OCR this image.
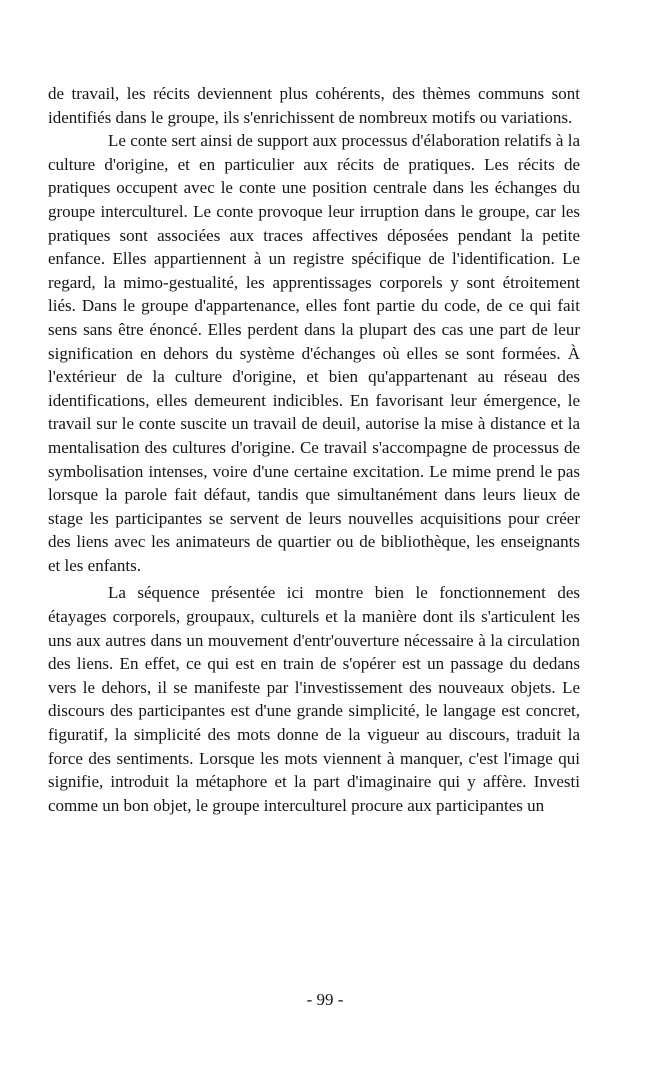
de travail, les récits deviennent plus cohérents, des thèmes communs sont identifiés dans le groupe, ils s'enrichissent de nombreux motifs ou variations.

Le conte sert ainsi de support aux processus d'élaboration relatifs à la culture d'origine, et en particulier aux récits de pratiques. Les récits de pratiques occupent avec le conte une position centrale dans les échanges du groupe interculturel. Le conte provoque leur irruption dans le groupe, car les pratiques sont associées aux traces affectives déposées pendant la petite enfance. Elles appartiennent à un registre spécifique de l'identification. Le regard, la mimo-gestualité, les apprentissages corporels y sont étroitement liés. Dans le groupe d'appartenance, elles font partie du code, de ce qui fait sens sans être énoncé. Elles perdent dans la plupart des cas une part de leur signification en dehors du système d'échanges où elles se sont formées. À l'extérieur de la culture d'origine, et bien qu'appartenant au réseau des identifications, elles demeurent indicibles. En favorisant leur émergence, le travail sur le conte suscite un travail de deuil, autorise la mise à distance et la mentalisation des cultures d'origine. Ce travail s'accompagne de processus de symbolisation intenses, voire d'une certaine excitation. Le mime prend le pas lorsque la parole fait défaut, tandis que simultanément dans leurs lieux de stage les participantes se servent de leurs nouvelles acquisitions pour créer des liens avec les animateurs de quartier ou de bibliothèque, les enseignants et les enfants.

La séquence présentée ici montre bien le fonctionnement des étayages corporels, groupaux, culturels et la manière dont ils s'articulent les uns aux autres dans un mouvement d'entr'ouverture nécessaire à la circulation des liens. En effet, ce qui est en train de s'opérer est un passage du dedans vers le dehors, il se manifeste par l'investissement des nouveaux objets. Le discours des participantes est d'une grande simplicité, le langage est concret, figuratif, la simplicité des mots donne de la vigueur au discours, traduit la force des sentiments. Lorsque les mots viennent à manquer, c'est l'image qui signifie, introduit la métaphore et la part d'imaginaire qui y affère. Investi comme un bon objet, le groupe interculturel procure aux participantes un

- 99 -
